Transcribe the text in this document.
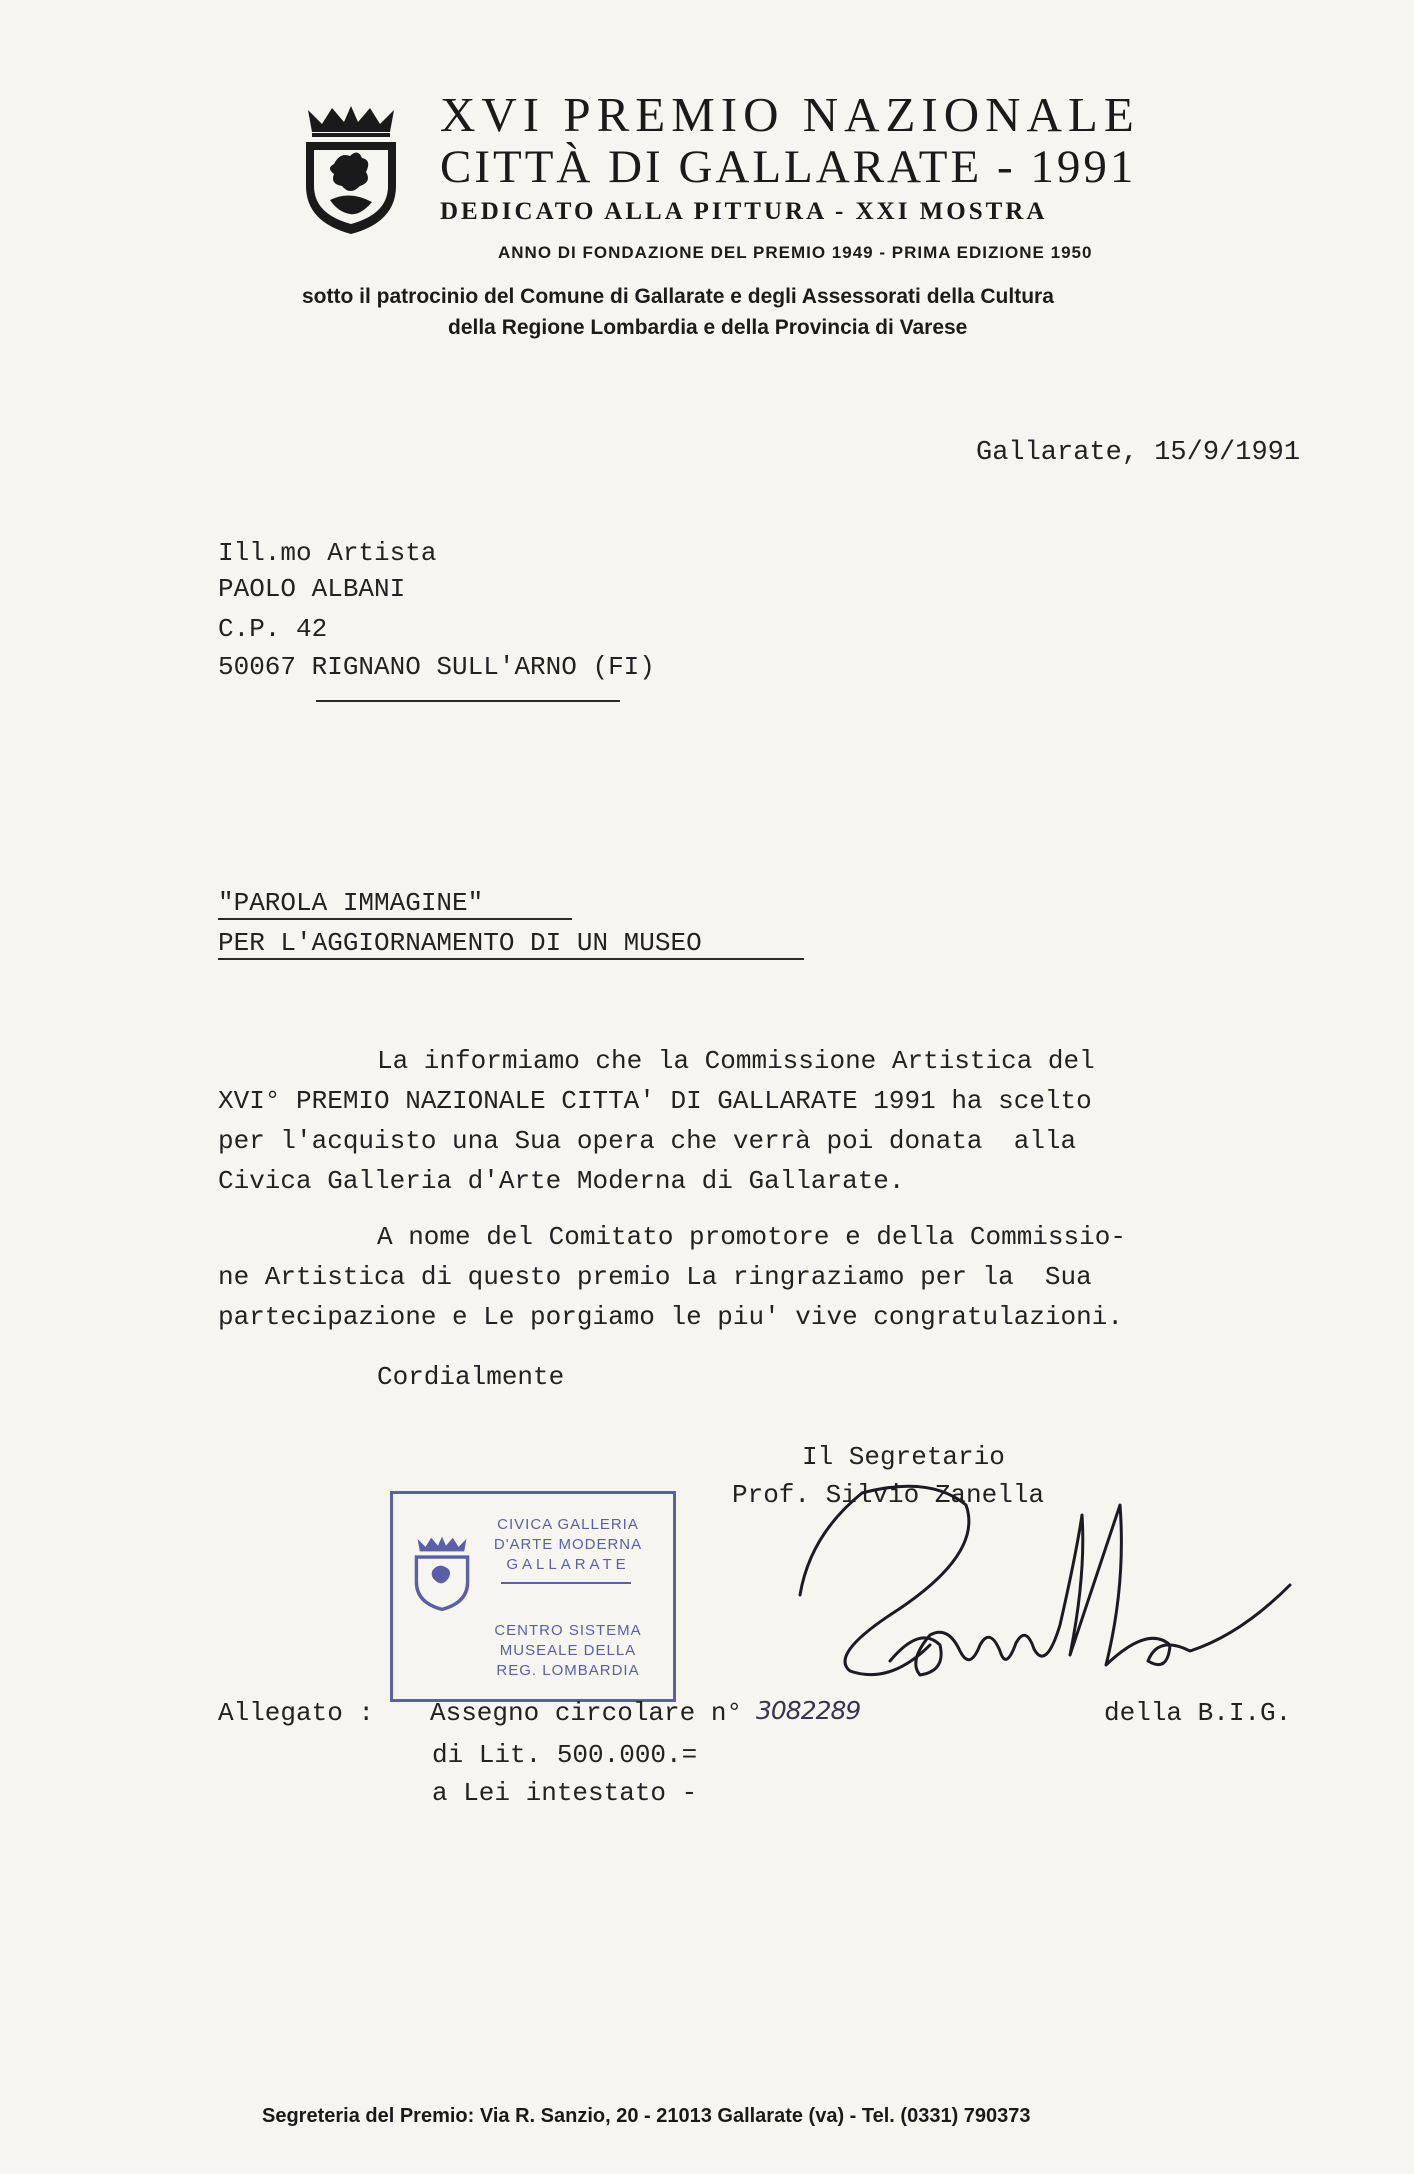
XVI PREMIO NAZIONALE
CITTÀ DI GALLARATE - 1991
DEDICATO ALLA PITTURA - XXI MOSTRA
ANNO DI FONDAZIONE DEL PREMIO 1949 - PRIMA EDIZIONE 1950
sotto il patrocinio del Comune di Gallarate e degli Assessorati della Cultura
della Regione Lombardia e della Provincia di Varese
Gallarate, 15/9/1991
Ill.mo Artista
PAOLO ALBANI
C.P. 42
50067 RIGNANO SULL'ARNO (FI)
"PAROLA IMMAGINE"
PER L'AGGIORNAMENTO DI UN MUSEO
La informiamo che la Commissione Artistica del
XVI° PREMIO NAZIONALE CITTA' DI GALLARATE 1991 ha scelto
per l'acquisto una Sua opera che verrà poi donata  alla
Civica Galleria d'Arte Moderna di Gallarate.
A nome del Comitato promotore e della Commissio-
ne Artistica di questo premio La ringraziamo per la  Sua
partecipazione e Le porgiamo le piu' vive congratulazioni.
Cordialmente
Il Segretario
Prof. Silvio Zanella
Zanella
CIVICA GALLERIA
D'ARTE MODERNA
GALLARATE
CENTRO SISTEMA
MUSEALE DELLA
REG. LOMBARDIA
Allegato : Assegno circolare n° 3082289	della B.I.G.
di Lit. 500.000.=
a Lei intestato -
Segreteria del Premio: Via R. Sanzio, 20 - 21013 Gallarate (va) - Tel. (0331) 790373
